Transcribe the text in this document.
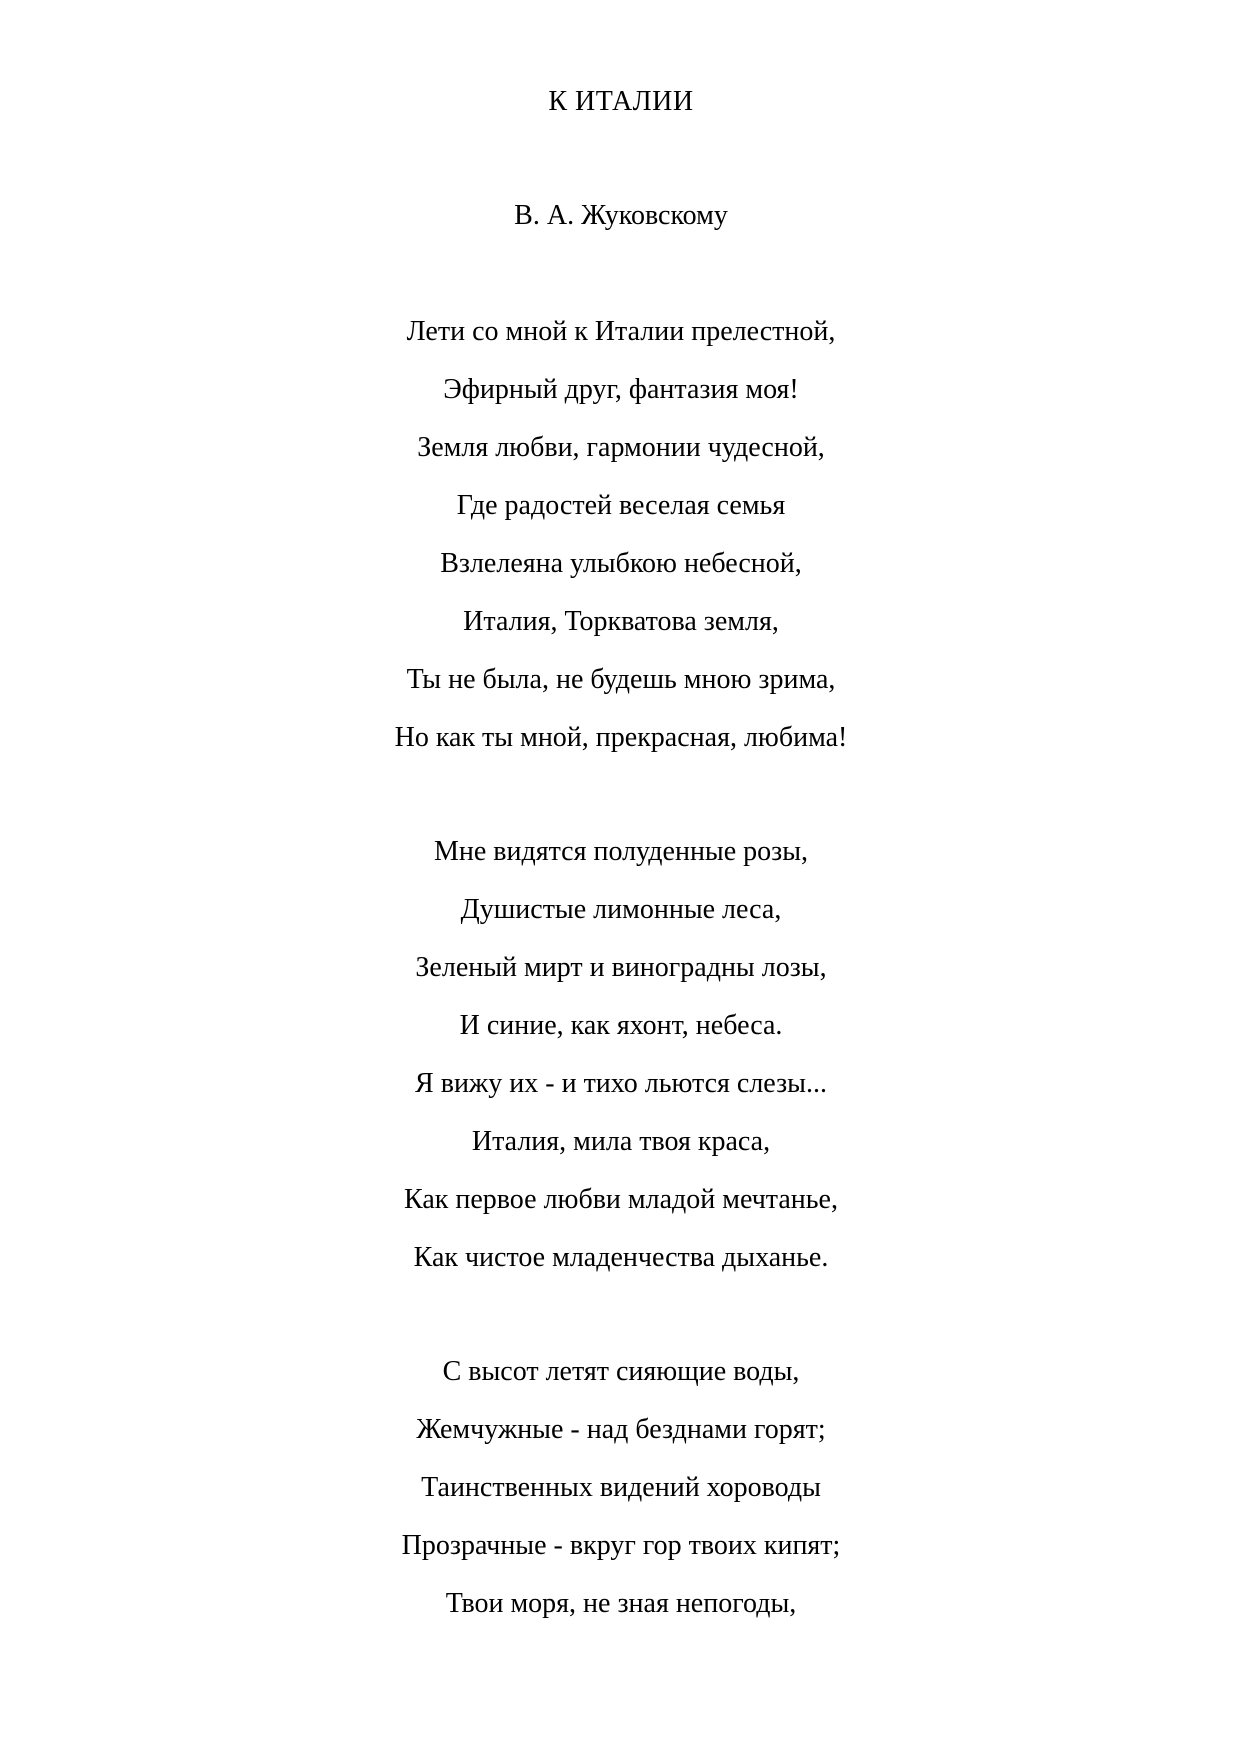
К ИТАЛИИ
В. А. Жуковскому
Лети со мной к Италии прелестной,
Эфирный друг, фантазия моя!
Земля любви, гармонии чудесной,
Где радостей веселая семья
Взлелеяна улыбкою небесной,
Италия, Торкватова земля,
Ты не была, не будешь мною зрима,
Но как ты мной, прекрасная, любима!
Мне видятся полуденные розы,
Душистые лимонные леса,
Зеленый мирт и виноградны лозы,
И синие, как яхонт, небеса.
Я вижу их - и тихо льются слезы...
Италия, мила твоя краса,
Как первое любви младой мечтанье,
Как чистое младенчества дыханье.
С высот летят сияющие воды,
Жемчужные - над безднами горят;
Таинственных видений хороводы
Прозрачные - вкруг гор твоих кипят;
Твои моря, не зная непогоды,
